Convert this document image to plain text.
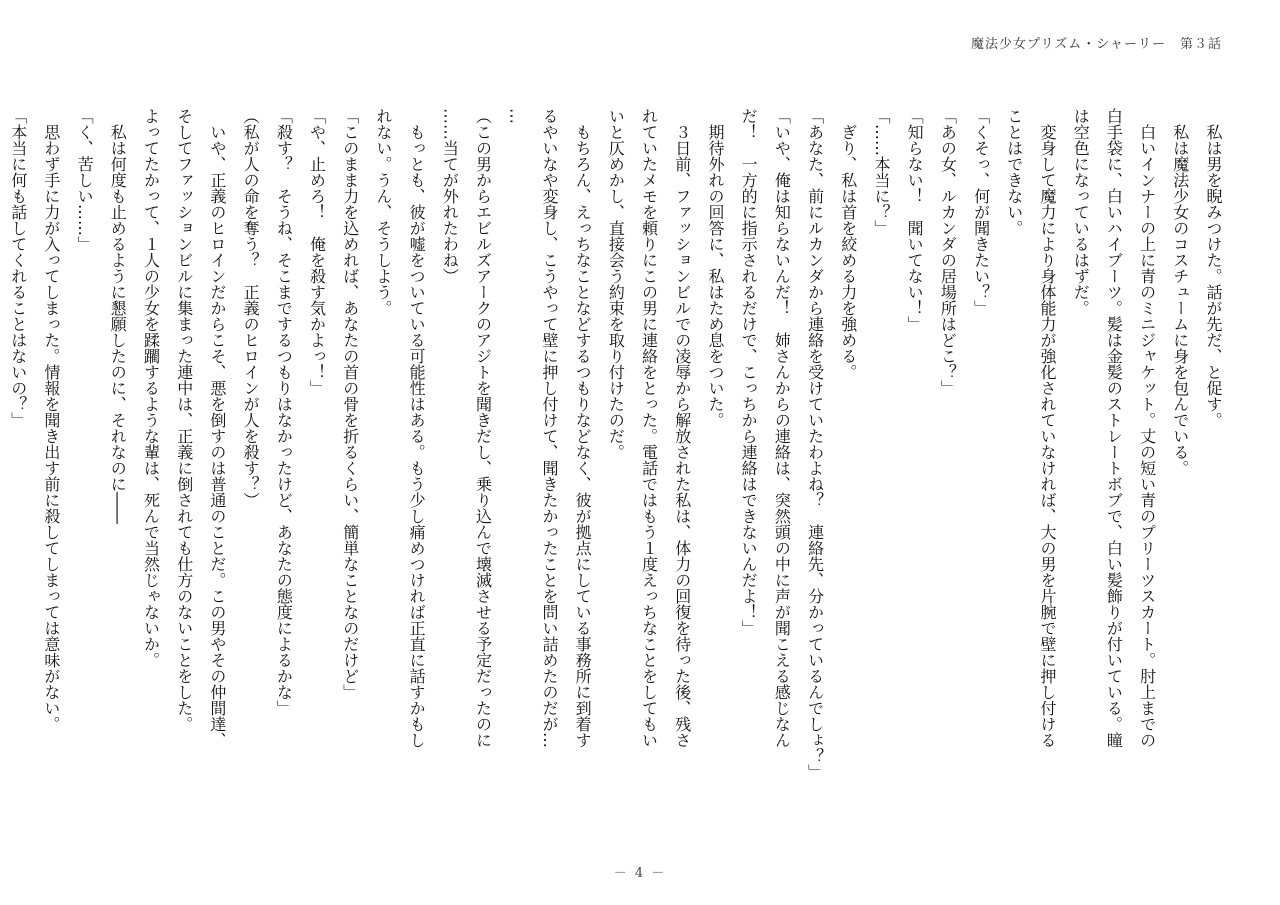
魔法少女プリズム・シャーリー　第３話
　私は男を睨みつけた。話が先だ、と促す。
　私は魔法少女のコスチュームに身を包んでいる。
　白いインナーの上に青のミニジャケット。丈の短い青のプリーツスカート。肘上までの
白手袋に、白いハイブーツ。髪は金髪のストレートボブで、白い髪飾りが付いている。瞳
は空色になっているはずだ。
　変身して魔力により身体能力が強化されていなければ、大の男を片腕で壁に押し付ける
ことはできない。
「くそっ、何が聞きたい？」
「あの女、ルカンダの居場所はどこ？」
「知らない！　聞いてない！」
「……本当に？」
　ぎり、私は首を絞める力を強める。
「あなた、前にルカンダから連絡を受けていたわよね？　連絡先、分かっているんでしょ？」
「いや、俺は知らないんだ！　姉さんからの連絡は、突然頭の中に声が聞こえる感じなん
だ！　一方的に指示されるだけで、こっちから連絡はできないんだよ！」
　期待外れの回答に、私はため息をついた。
　３日前、ファッションビルでの凌辱から解放された私は、体力の回復を待った後、残さ
れていたメモを頼りにこの男に連絡をとった。電話ではもう１度えっちなことをしてもい
いと仄めかし、直接会う約束を取り付けたのだ。
　もちろん、えっちなことなどするつもりなどなく、彼が拠点にしている事務所に到着す
るやいなや変身し、こうやって壁に押し付けて、聞きたかったことを問い詰めたのだが…
…
（この男からエビルズアークのアジトを聞きだし、乗り込んで壊滅させる予定だったのに
……当てが外れたわね）
　もっとも、彼が嘘をついている可能性はある。もう少し痛めつければ正直に話すかもし
れない。うん、そうしよう。
「このまま力を込めれば、あなたの首の骨を折るくらい、簡単なことなのだけど」
「や、止めろ！　俺を殺す気かよっ！」
「殺す？　そうね、そこまでするつもりはなかったけど、あなたの態度によるかな」
（私が人の命を奪う？　正義のヒロインが人を殺す？）
　いや、正義のヒロインだからこそ、悪を倒すのは普通のことだ。この男やその仲間達、
そしてファッションビルに集まった連中は、正義に倒されても仕方のないことをした。
よってたかって、１人の少女を蹂躙するような輩は、死んで当然じゃないか。
　私は何度も止めるように懇願したのに、それなのに――
「く、苦しい……」
　思わず手に力が入ってしまった。情報を聞き出す前に殺してしまっては意味がない。
「本当に何も話してくれることはないの？」
－ 4 －
